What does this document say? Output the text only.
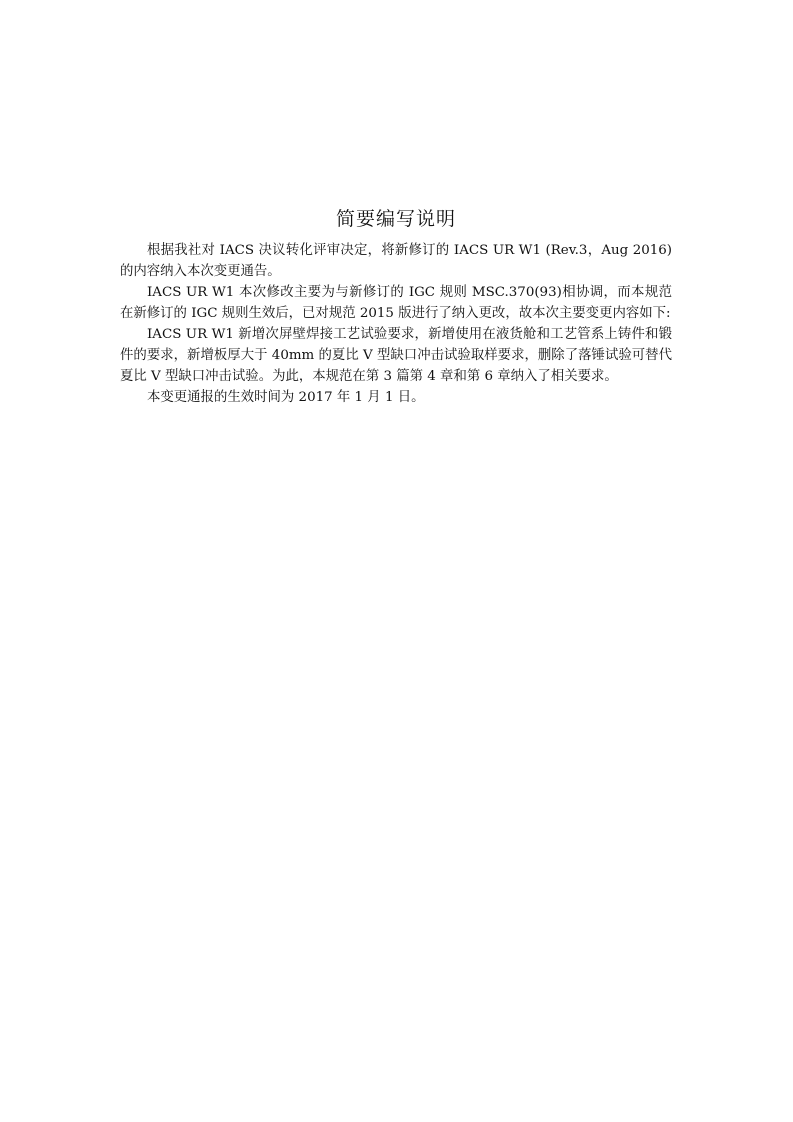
简要编写说明

根据我社对 IACS 决议转化评审决定，将新修订的 IACS UR W1 (Rev.3，Aug 2016)的内容纳入本次变更通告。

IACS UR W1 本次修改主要为与新修订的 IGC 规则 MSC.370(93)相协调，而本规范在新修订的 IGC 规则生效后，已对规范 2015 版进行了纳入更改，故本次主要变更内容如下:

IACS UR W1 新增次屏壁焊接工艺试验要求，新增使用在液货舱和工艺管系上铸件和锻件的要求，新增板厚大于 40mm 的夏比 V 型缺口冲击试验取样要求，删除了落锤试验可替代夏比 V 型缺口冲击试验。为此，本规范在第 3 篇第 4 章和第 6 章纳入了相关要求。

本变更通报的生效时间为 2017 年 1 月 1 日。
